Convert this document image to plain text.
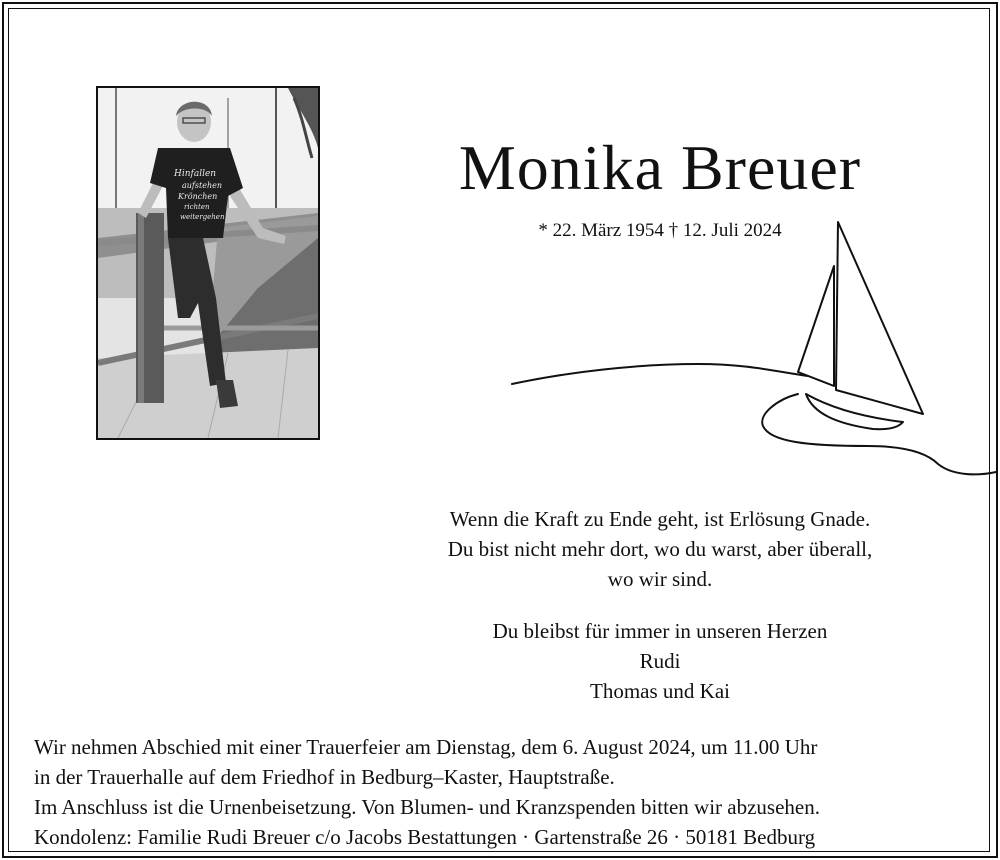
Hinfallen
aufstehen
Krönchen
richten
weitergehen
Monika Breuer
* 22. März 1954 † 12. Juli 2024
Wenn die Kraft zu Ende geht, ist Erlösung Gnade.
Du bist nicht mehr dort, wo du warst, aber überall,
wo wir sind.
Du bleibst für immer in unseren Herzen
Rudi
Thomas und Kai
Wir nehmen Abschied mit einer Trauerfeier am Dienstag, dem 6. August 2024, um 11.00 Uhr
in der Trauerhalle auf dem Friedhof in Bedburg–Kaster, Hauptstraße.
Im Anschluss ist die Urnenbeisetzung. Von Blumen- und Kranzspenden bitten wir abzusehen.
Kondolenz: Familie Rudi Breuer c/o Jacobs Bestattungen · Gartenstraße 26 · 50181 Bedburg
